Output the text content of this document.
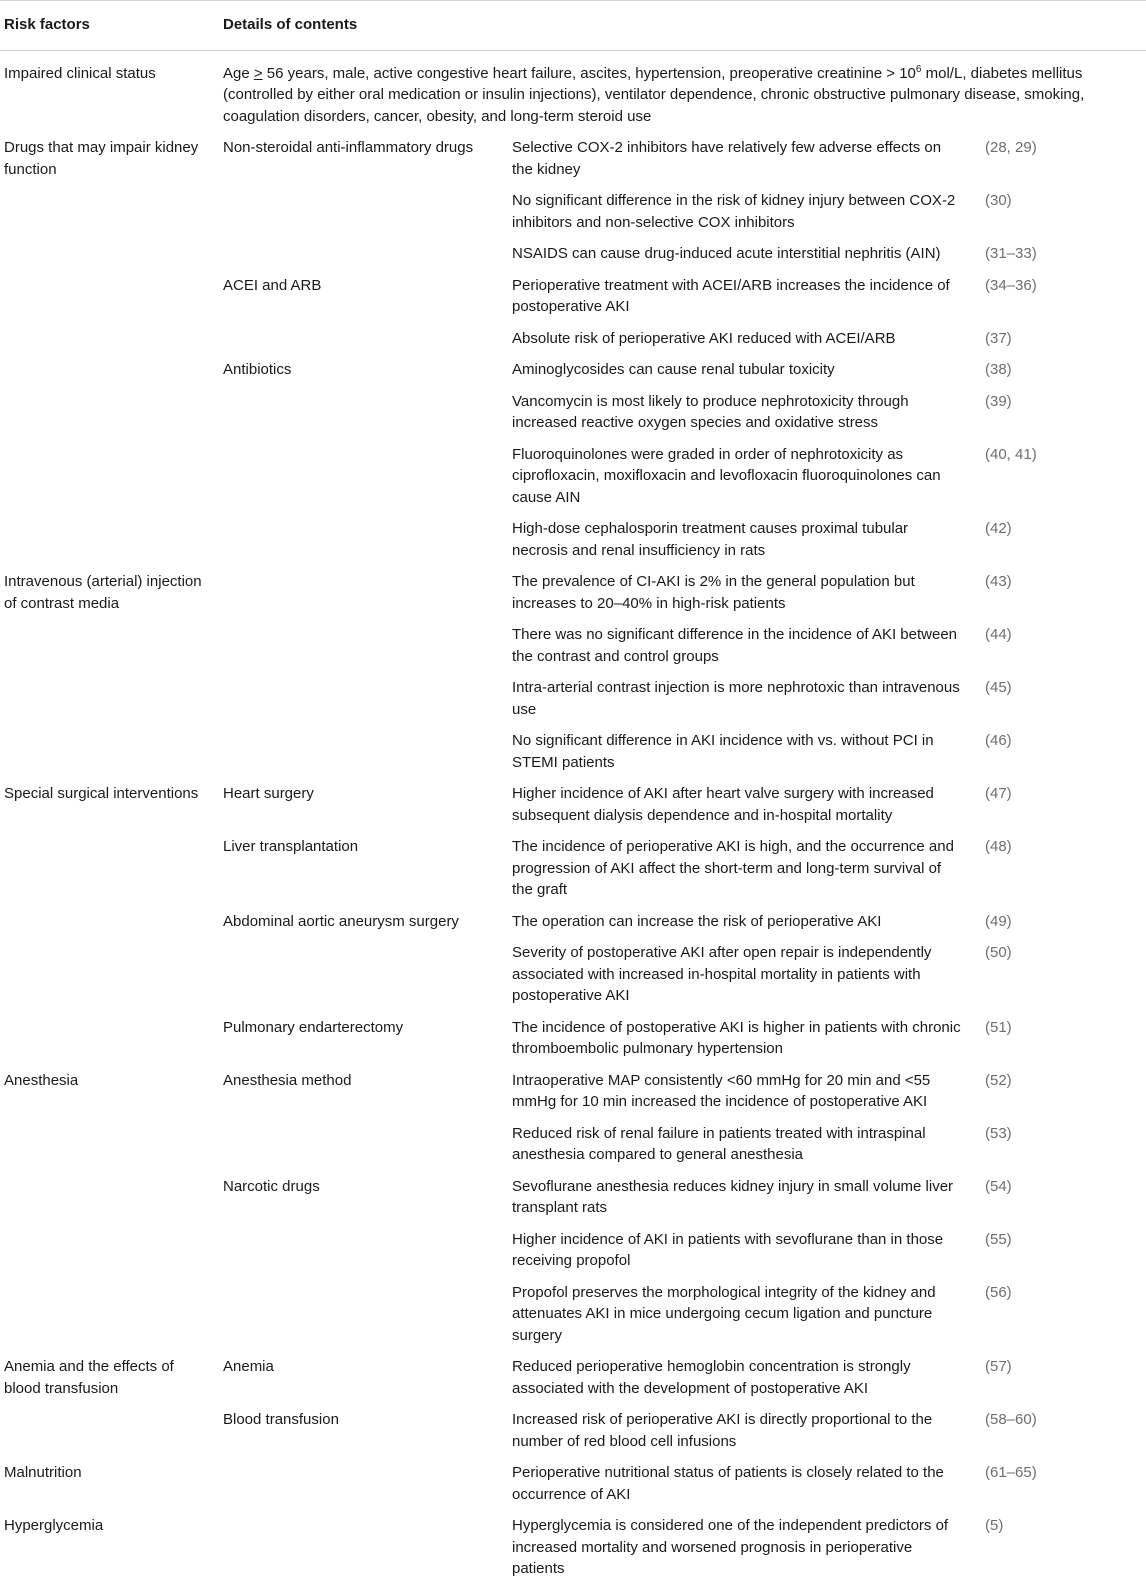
Risk factors	Details of contents		
Impaired clinical status	Age ≥ 56 years, male, active congestive heart failure, ascites, hypertension, preoperative creatinine > $10^6$ mol/L, diabetes mellitus (controlled by either oral medication or insulin injections), ventilator dependence, chronic obstructive pulmonary disease, smoking, coagulation disorders, cancer, obesity, and long-term steroid use		
Drugs that may impair kidney function	Non-steroidal anti-inflammatory drugs	Selective COX-2 inhibitors have relatively few adverse effects on the kidney	(28, 29)
		No significant difference in the risk of kidney injury between COX-2 inhibitors and non-selective COX inhibitors	(30)
		NSAIDS can cause drug-induced acute interstitial nephritis (AIN)	(31–33)
	ACEI and ARB	Perioperative treatment with ACEI/ARB increases the incidence of postoperative AKI	(34–36)
		Absolute risk of perioperative AKI reduced with ACEI/ARB	(37)
	Antibiotics	Aminoglycosides can cause renal tubular toxicity	(38)
		Vancomycin is most likely to produce nephrotoxicity through increased reactive oxygen species and oxidative stress	(39)
		Fluoroquinolones were graded in order of nephrotoxicity as ciprofloxacin, moxifloxacin and levofloxacin fluoroquinolones can cause AIN	(40, 41)
		High-dose cephalosporin treatment causes proximal tubular necrosis and renal insufficiency in rats	(42)
Intravenous (arterial) injection of contrast media		The prevalence of CI-AKI is 2% in the general population but increases to 20–40% in high-risk patients	(43)
		There was no significant difference in the incidence of AKI between the contrast and control groups	(44)
		Intra-arterial contrast injection is more nephrotoxic than intravenous use	(45)
		No significant difference in AKI incidence with vs. without PCI in STEMI patients	(46)
Special surgical interventions	Heart surgery	Higher incidence of AKI after heart valve surgery with increased subsequent dialysis dependence and in-hospital mortality	(47)
	Liver transplantation	The incidence of perioperative AKI is high, and the occurrence and progression of AKI affect the short-term and long-term survival of the graft	(48)
	Abdominal aortic aneurysm surgery	The operation can increase the risk of perioperative AKI	(49)
		Severity of postoperative AKI after open repair is independently associated with increased in-hospital mortality in patients with postoperative AKI	(50)
	Pulmonary endarterectomy	The incidence of postoperative AKI is higher in patients with chronic thromboembolic pulmonary hypertension	(51)
Anesthesia	Anesthesia method	Intraoperative MAP consistently <60 mmHg for 20 min and <55 mmHg for 10 min increased the incidence of postoperative AKI	(52)
		Reduced risk of renal failure in patients treated with intraspinal anesthesia compared to general anesthesia	(53)
	Narcotic drugs	Sevoflurane anesthesia reduces kidney injury in small volume liver transplant rats	(54)
		Higher incidence of AKI in patients with sevoflurane than in those receiving propofol	(55)
		Propofol preserves the morphological integrity of the kidney and attenuates AKI in mice undergoing cecum ligation and puncture surgery	(56)
Anemia and the effects of blood transfusion	Anemia	Reduced perioperative hemoglobin concentration is strongly associated with the development of postoperative AKI	(57)
	Blood transfusion	Increased risk of perioperative AKI is directly proportional to the number of red blood cell infusions	(58–60)
Malnutrition		Perioperative nutritional status of patients is closely related to the occurrence of AKI	(61–65)
Hyperglycemia		Hyperglycemia is considered one of the independent predictors of increased mortality and worsened prognosis in perioperative patients	(5)
